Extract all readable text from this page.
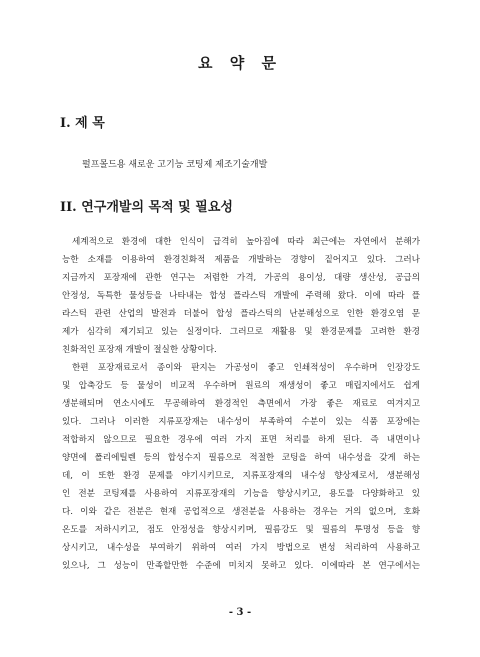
요 약 문
I. 제 목
펄프몰드용 새로운 고기능 코팅제 제조기술개발
II. 연구개발의 목적 및 필요성
세계적으로 환경에 대한 인식이 급격히 높아짐에 따라 최근에는 자연에서 분해가
능한 소재를 이용하여 환경친화적 제품을 개발하는 경향이 짙어지고 있다. 그러나
지금까지 포장재에 관한 연구는 저렴한 가격, 가공의 용이성, 대량 생산성, 공급의
안정성, 독특한 물성등을 나타내는 합성 플라스틱 개발에 주력해 왔다. 이에 따라 플
라스틱 관련 산업의 발전과 더불어 합성 플라스틱의 난분해성으로 인한 환경오염 문
제가 심각히 제기되고 있는 실정이다. 그러므로 재활용 및 환경문제를 고려한 환경
친화적인 포장재 개발이 절실한 상황이다.
한편 포장재료로서 종이와 판지는 가공성이 좋고 인쇄적성이 우수하며 인장강도
및 압축강도 등 물성이 비교적 우수하며 원료의 재생성이 좋고 매립지에서도 쉽게
생분해되며 연소시에도 무공해하여 환경적인 측면에서 가장 좋은 재료로 여겨지고
있다. 그러나 이러한 지류포장재는 내수성이 부족하여 수분이 있는 식품 포장에는
적합하지 않으므로 필요한 경우에 여러 가지 표면 처리를 하게 된다. 즉 내면이나
양면에 폴리에틸렌 등의 합성수지 필름으로 적절한 코팅을 하여 내수성을 갖게 하는
데, 이 또한 환경 문제를 야기시키므로, 지류포장재의 내수성 향상제로서, 생분해성
인 전분 코팅제를 사용하여 지류포장재의 기능을 향상시키고, 용도를 다양화하고 있
다. 이와 같은 전분은 현재 공업적으로 생전분을 사용하는 경우는 거의 없으며, 호화
온도를 저하시키고, 점도 안정성을 향상시키며, 필름강도 및 필름의 투명성 등을 향
상시키고, 내수성을 부여하기 위하여 여러 가지 방법으로 변성 처리하여 사용하고
있으나, 그 성능이 만족할만한 수준에 미치지 못하고 있다. 이에따라 본 연구에서는
- 3 -
